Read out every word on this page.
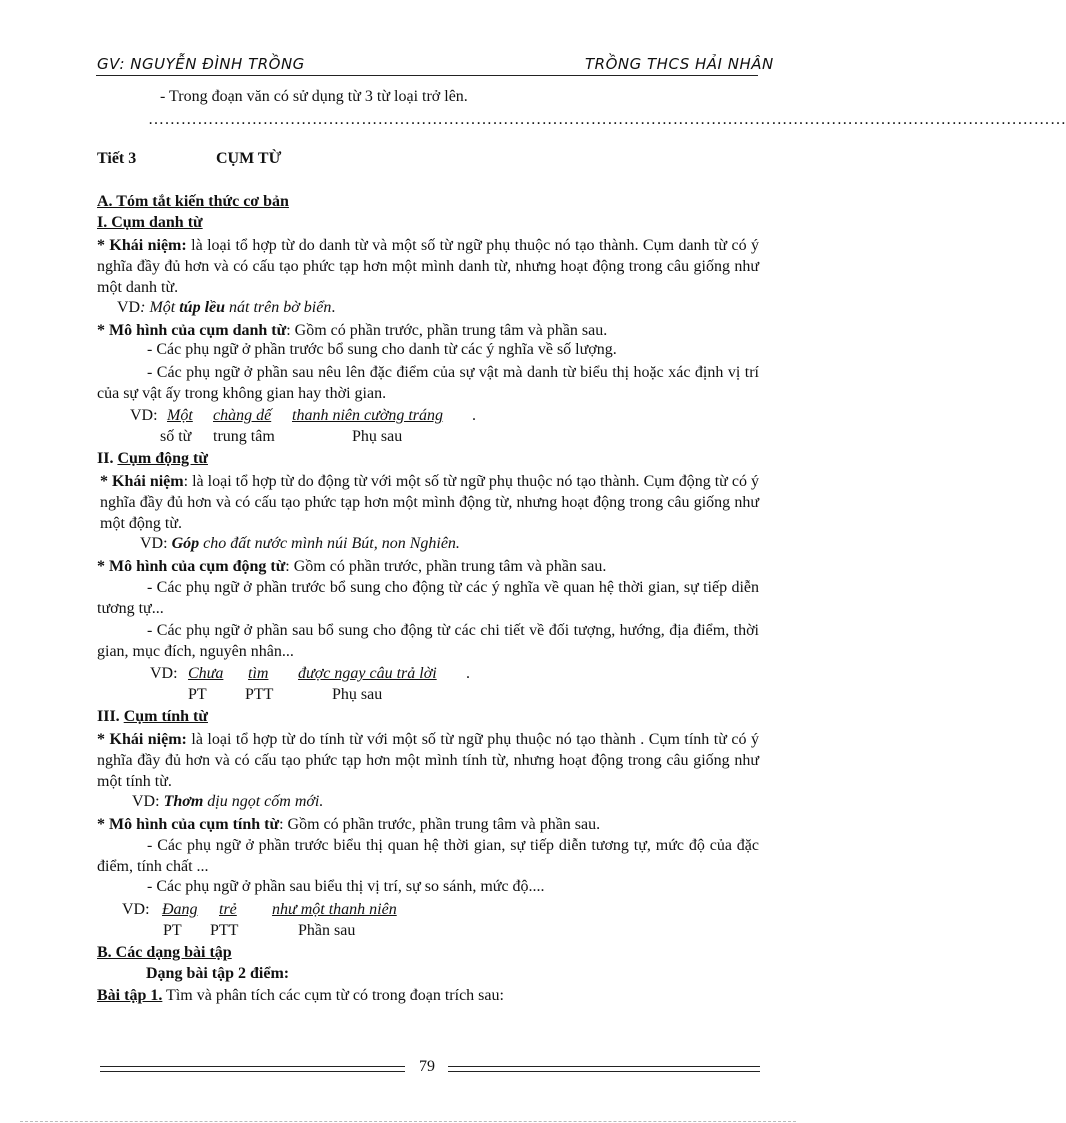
GV: NGUYỄN ĐÌNH TRỒNG	TRỒNG THCS HẢI NHÂN
- Trong đoạn văn có sử dụng từ 3 từ loại trở lên.
……………………………………………………………………………………………………………………………………………………
Tiết 3	CỤM TỪ
A. Tóm tắt kiến thức cơ bản
I. Cụm danh từ
* Khái niệm: là loại tổ hợp từ do danh từ và một số từ ngữ phụ thuộc nó tạo thành. Cụm danh từ có ý nghĩa đầy đủ hơn và có cấu tạo phức tạp hơn một mình danh từ, nhưng hoạt động trong câu giống như một danh từ.
VD: Một túp lều nát trên bờ biển.
* Mô hình của cụm danh từ: Gồm có phần trước, phần trung tâm và phần sau.
- Các phụ ngữ ở phần trước bổ sung cho danh từ các ý nghĩa về số lượng.
- Các phụ ngữ ở phần sau nêu lên đặc điểm của sự vật mà danh từ biểu thị hoặc xác định vị trí của sự vật ấy trong không gian hay thời gian.
VD: Một chàng dế thanh niên cường tráng .
số từ trung tâm	Phụ sau
II. Cụm động từ
* Khái niệm: là loại tổ hợp từ do động từ với một số từ ngữ phụ thuộc nó tạo thành. Cụm động từ có ý nghĩa đầy đủ hơn và có cấu tạo phức tạp hơn một mình động từ, nhưng hoạt động trong câu giống như một động từ.
VD: Góp cho đất nước mình núi Bút, non Nghiên.
* Mô hình của cụm động từ: Gồm có phần trước, phần trung tâm và phần sau.
- Các phụ ngữ ở phần trước bổ sung cho động từ các ý nghĩa về quan hệ thời gian, sự tiếp diễn tương tự...
- Các phụ ngữ ở phần sau bổ sung cho động từ các chi tiết về đối tượng, hướng, địa điểm, thời gian, mục đích, nguyên nhân...
VD: Chưa tìm được ngay câu trả lời .
PT PTT	Phụ sau
III. Cụm tính từ
* Khái niệm: là loại tổ hợp từ do tính từ với một số từ ngữ phụ thuộc nó tạo thành . Cụm tính từ có ý nghĩa đầy đủ hơn và có cấu tạo phức tạp hơn một mình tính từ, nhưng hoạt động trong câu giống như một tính từ.
VD: Thơm dịu ngọt cốm mới.
* Mô hình của cụm tính từ: Gồm có phần trước, phần trung tâm và phần sau.
- Các phụ ngữ ở phần trước biểu thị quan hệ thời gian, sự tiếp diễn tương tự, mức độ của đặc điểm, tính chất ...
- Các phụ ngữ ở phần sau biểu thị vị trí, sự so sánh, mức độ....
VD: Đang trẻ như một thanh niên
PT PTT	Phần sau
B. Các dạng bài tập
Dạng bài tập 2 điểm:
Bài tập 1. Tìm và phân tích các cụm từ có trong đoạn trích sau:
79
